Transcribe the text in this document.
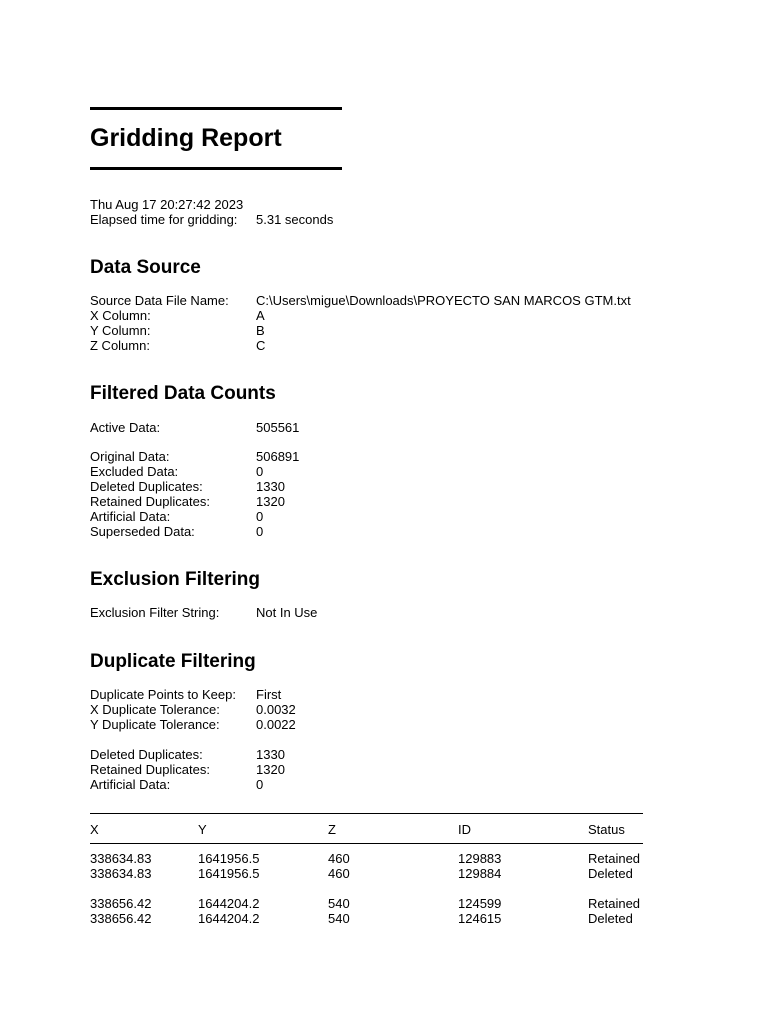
Gridding Report
Thu Aug 17 20:27:42 2023
Elapsed time for gridding:	5.31 seconds
Data Source
Source Data File Name:	C:\Users\migue\Downloads\PROYECTO SAN MARCOS GTM.txt
X Column:	A
Y Column:	B
Z Column:	C
Filtered Data Counts
Active Data:	505561
Original Data:	506891
Excluded Data:	0
Deleted Duplicates:	1330
Retained Duplicates:	1320
Artificial Data:	0
Superseded Data:	0
Exclusion Filtering
Exclusion Filter String:	Not In Use
Duplicate Filtering
Duplicate Points to Keep:	First
X Duplicate Tolerance:	0.0032
Y Duplicate Tolerance:	0.0022
Deleted Duplicates:	1330
Retained Duplicates:	1320
Artificial Data:	0
X	Y	Z	ID	Status
338634.83	1641956.5	460	129883	Retained
338634.83	1641956.5	460	129884	Deleted
338656.42	1644204.2	540	124599	Retained
338656.42	1644204.2	540	124615	Deleted
